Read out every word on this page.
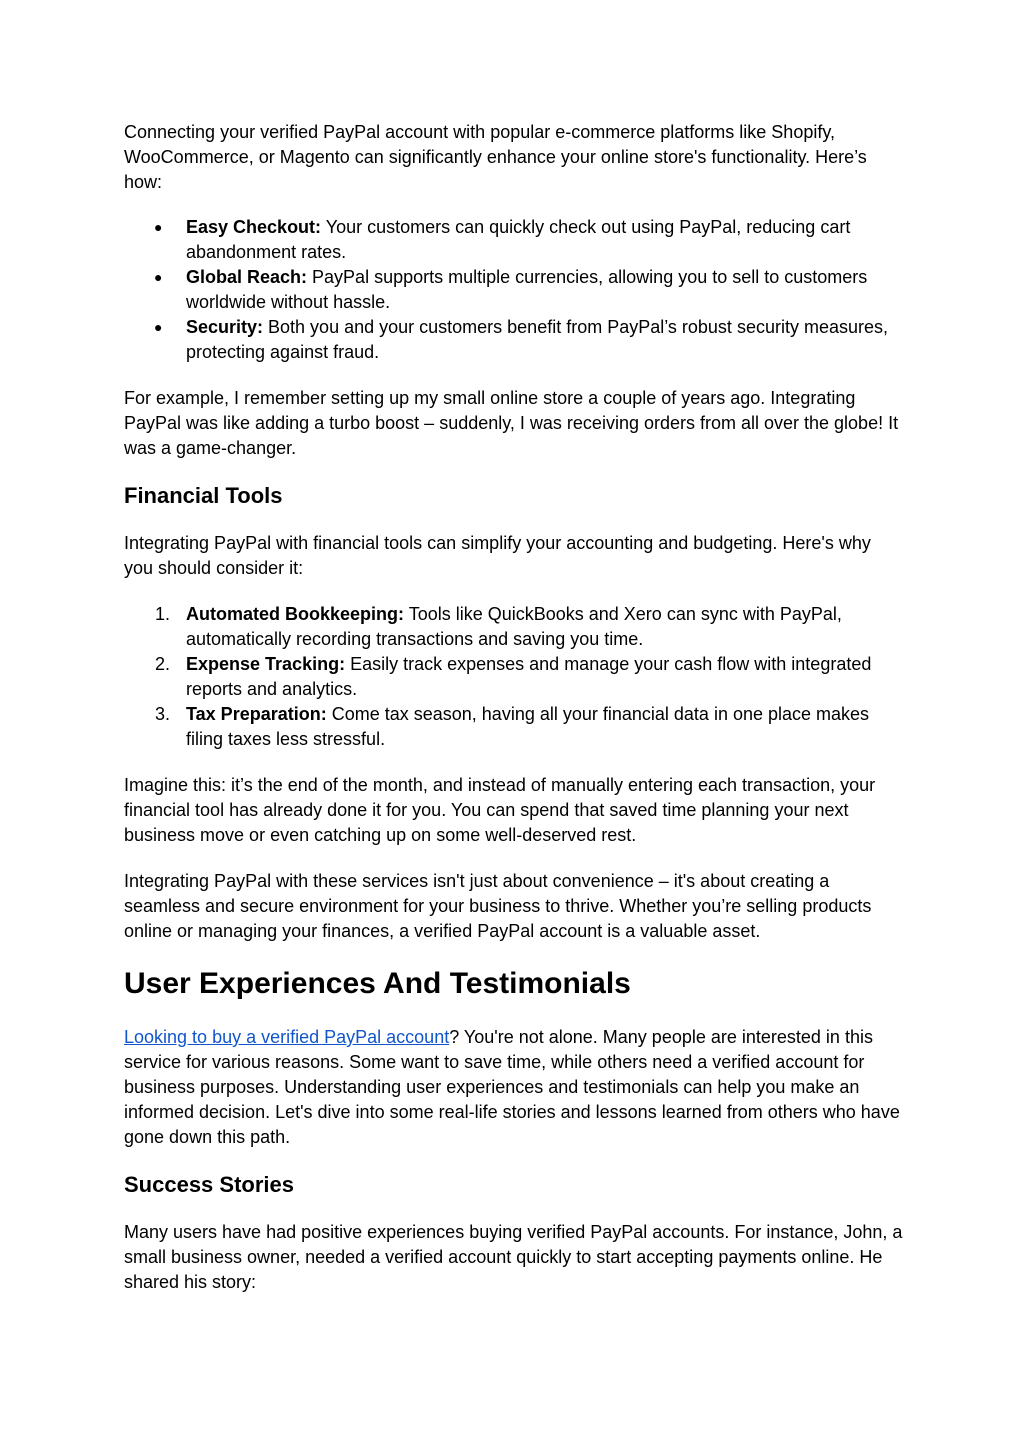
Connecting your verified PayPal account with popular e-commerce platforms like Shopify, WooCommerce, or Magento can significantly enhance your online store's functionality. Here’s how:

●	Easy Checkout: Your customers can quickly check out using PayPal, reducing cart abandonment rates.
●	Global Reach: PayPal supports multiple currencies, allowing you to sell to customers worldwide without hassle.
●	Security: Both you and your customers benefit from PayPal’s robust security measures, protecting against fraud.

For example, I remember setting up my small online store a couple of years ago. Integrating PayPal was like adding a turbo boost – suddenly, I was receiving orders from all over the globe! It was a game-changer.

Financial Tools

Integrating PayPal with financial tools can simplify your accounting and budgeting. Here's why you should consider it:

1. Automated Bookkeeping: Tools like QuickBooks and Xero can sync with PayPal, automatically recording transactions and saving you time.
2. Expense Tracking: Easily track expenses and manage your cash flow with integrated reports and analytics.
3. Tax Preparation: Come tax season, having all your financial data in one place makes filing taxes less stressful.

Imagine this: it’s the end of the month, and instead of manually entering each transaction, your financial tool has already done it for you. You can spend that saved time planning your next business move or even catching up on some well-deserved rest.

Integrating PayPal with these services isn't just about convenience – it's about creating a seamless and secure environment for your business to thrive. Whether you’re selling products online or managing your finances, a verified PayPal account is a valuable asset.

User Experiences And Testimonials

Looking to buy a verified PayPal account? You're not alone. Many people are interested in this service for various reasons. Some want to save time, while others need a verified account for business purposes. Understanding user experiences and testimonials can help you make an informed decision. Let's dive into some real-life stories and lessons learned from others who have gone down this path.

Success Stories

Many users have had positive experiences buying verified PayPal accounts. For instance, John, a small business owner, needed a verified account quickly to start accepting payments online. He shared his story:
